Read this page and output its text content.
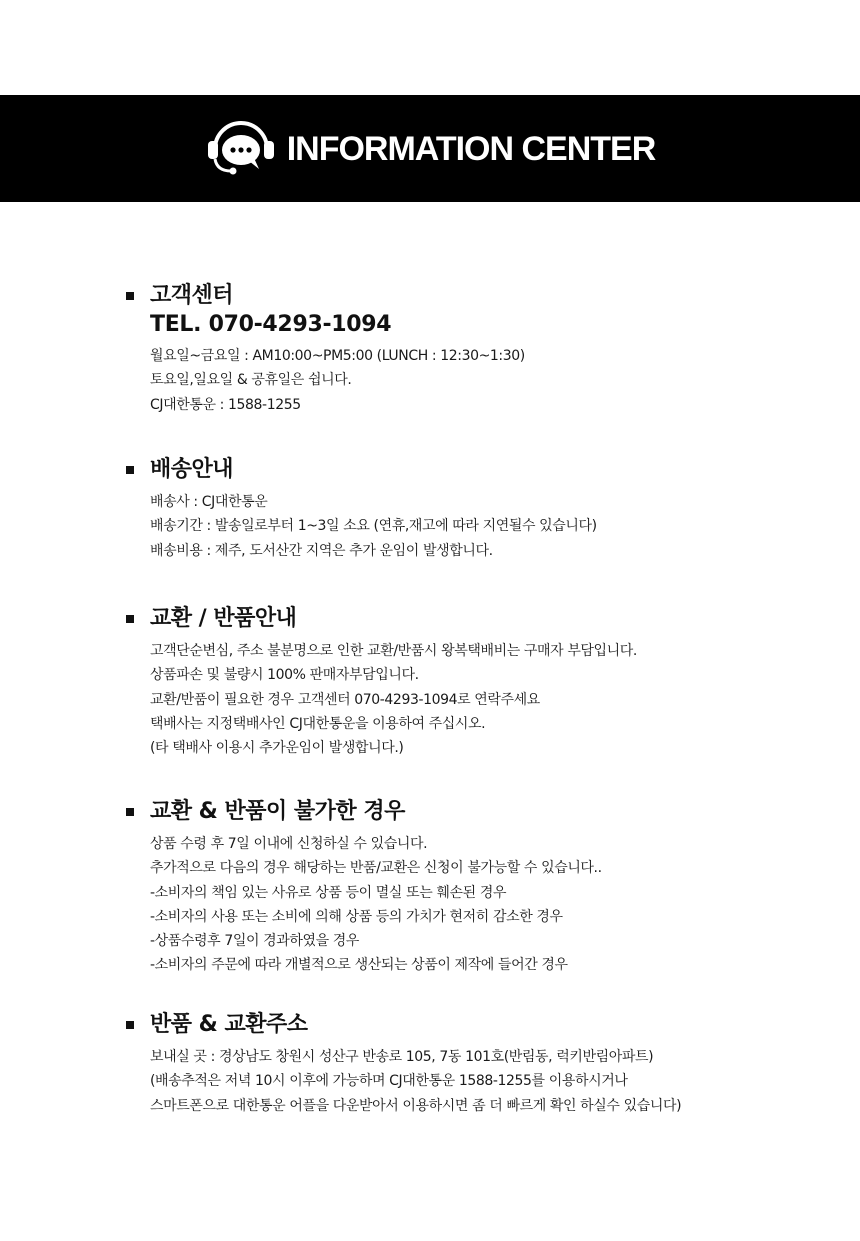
INFORMATION CENTER
고객센터
TEL. 070-4293-1094
월요일~금요일 : AM10:00~PM5:00 (LUNCH : 12:30~1:30)
토요일,일요일 & 공휴일은 쉽니다.
CJ대한통운 : 1588-1255
배송안내
배송사 : CJ대한통운
배송기간 : 발송일로부터 1~3일 소요 (연휴,재고에 따라 지연될수 있습니다)
배송비용 : 제주, 도서산간 지역은 추가 운임이 발생합니다.
교환 / 반품안내
고객단순변심, 주소 불분명으로 인한 교환/반품시 왕복택배비는 구매자 부담입니다.
상품파손 및 불량시 100% 판매자부담입니다.
교환/반품이 필요한 경우 고객센터 070-4293-1094로 연락주세요
택배사는 지정택배사인 CJ대한통운을 이용하여 주십시오.
(타 택배사 이용시 추가운임이 발생합니다.)
교환 & 반품이 불가한 경우
상품 수령 후 7일 이내에 신청하실 수 있습니다.
추가적으로 다음의 경우 해당하는 반품/교환은 신청이 불가능할 수 있습니다..
-소비자의 책임 있는 사유로 상품 등이 멸실 또는 훼손된 경우
-소비자의 사용 또는 소비에 의해 상품 등의 가치가 현저히 감소한 경우
-상품수령후 7일이 경과하였을 경우
-소비자의 주문에 따라 개별적으로 생산되는 상품이 제작에 들어간 경우
반품 & 교환주소
보내실 곳 : 경상남도 창원시 성산구 반송로 105, 7동 101호(반림동, 럭키반림아파트)
(배송추적은 저녁 10시 이후에 가능하며 CJ대한통운 1588-1255를 이용하시거나
스마트폰으로 대한통운 어플을 다운받아서 이용하시면 좀 더 빠르게 확인 하실수 있습니다)
